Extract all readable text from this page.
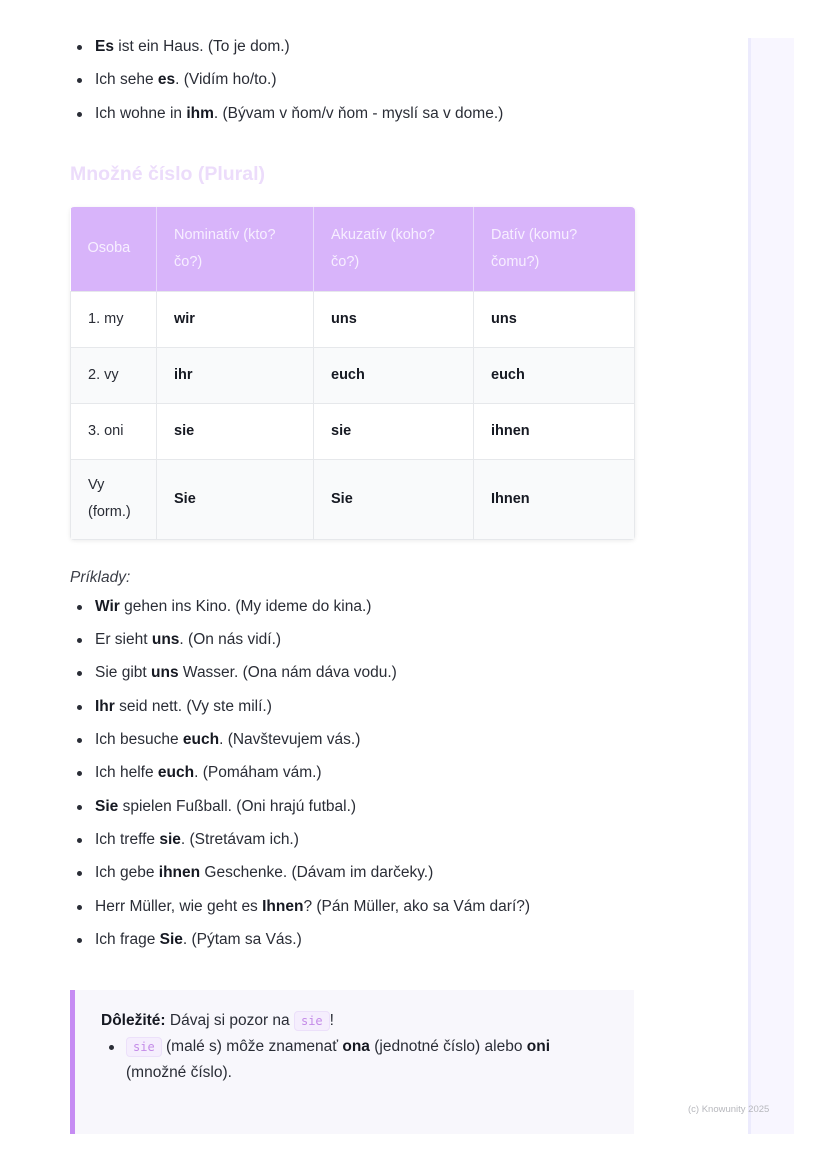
Es ist ein Haus. (To je dom.)
Ich sehe es. (Vidím ho/to.)
Ich wohne in ihm. (Bývam v ňom/v ňom - myslí sa v dome.)
Množné číslo (Plural)
Osoba	Nominatív (kto? čo?)	Akuzatív (koho? čo?)	Datív (komu? čomu?)
1. my	wir	uns	uns
2. vy	ihr	euch	euch
3. oni	sie	sie	ihnen
Vy (form.)	Sie	Sie	Ihnen
Príklady:
Wir gehen ins Kino. (My ideme do kina.)
Er sieht uns. (On nás vidí.)
Sie gibt uns Wasser. (Ona nám dáva vodu.)
Ihr seid nett. (Vy ste milí.)
Ich besuche euch. (Navštevujem vás.)
Ich helfe euch. (Pomáham vám.)
Sie spielen Fußball. (Oni hrajú futbal.)
Ich treffe sie. (Stretávam ich.)
Ich gebe ihnen Geschenke. (Dávam im darčeky.)
Herr Müller, wie geht es Ihnen? (Pán Müller, ako sa Vám darí?)
Ich frage Sie. (Pýtam sa Vás.)
Dôležité: Dávaj si pozor na sie !
sie (malé s) môže znamenať ona (jednotné číslo) alebo oni (množné číslo).
(c) Knowunity 2025
